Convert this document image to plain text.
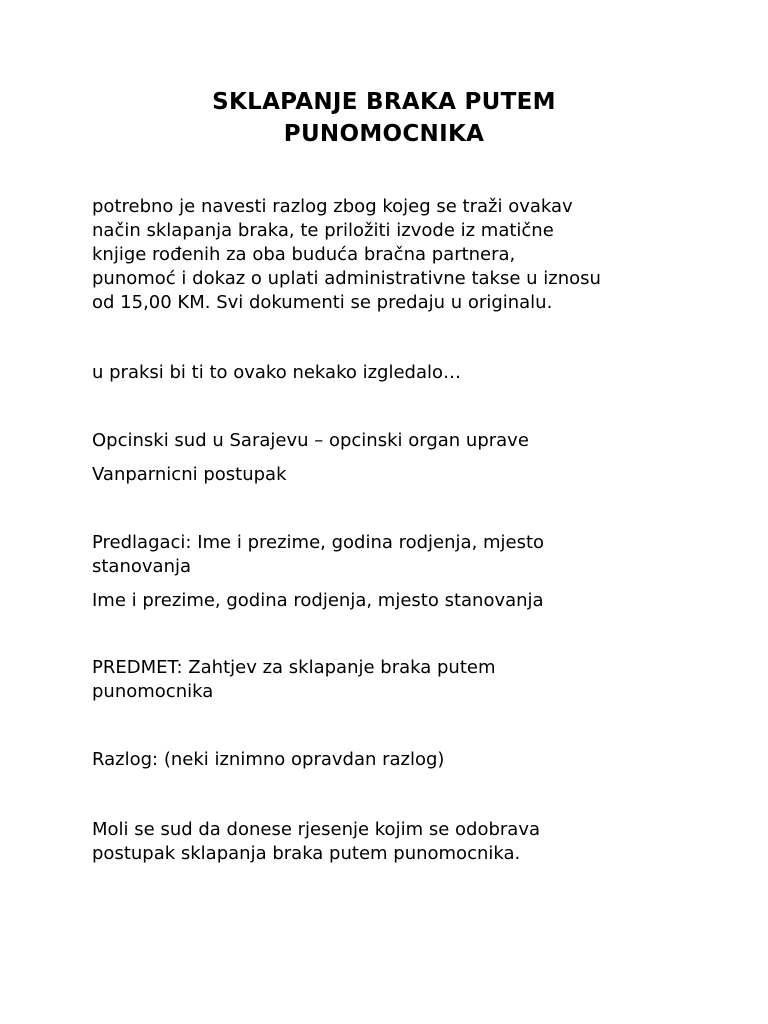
SKLAPANJE BRAKA PUTEM
PUNOMOCNIKA

potrebno je navesti razlog zbog kojeg se traži ovakav
način sklapanja braka, te priložiti izvode iz matične
knjige rođenih za oba buduća bračna partnera,
punomoć i dokaz o uplati administrativne takse u iznosu
od 15,00 KM. Svi dokumenti se predaju u originalu.

u praksi bi ti to ovako nekako izgledalo…

Opcinski sud u Sarajevu – opcinski organ uprave

Vanparnicni postupak

Predlagaci: Ime i prezime, godina rodjenja, mjesto
stanovanja

Ime i prezime, godina rodjenja, mjesto stanovanja

PREDMET: Zahtjev za sklapanje braka putem
punomocnika

Razlog: (neki iznimno opravdan razlog)

Moli se sud da donese rjesenje kojim se odobrava
postupak sklapanja braka putem punomocnika.
